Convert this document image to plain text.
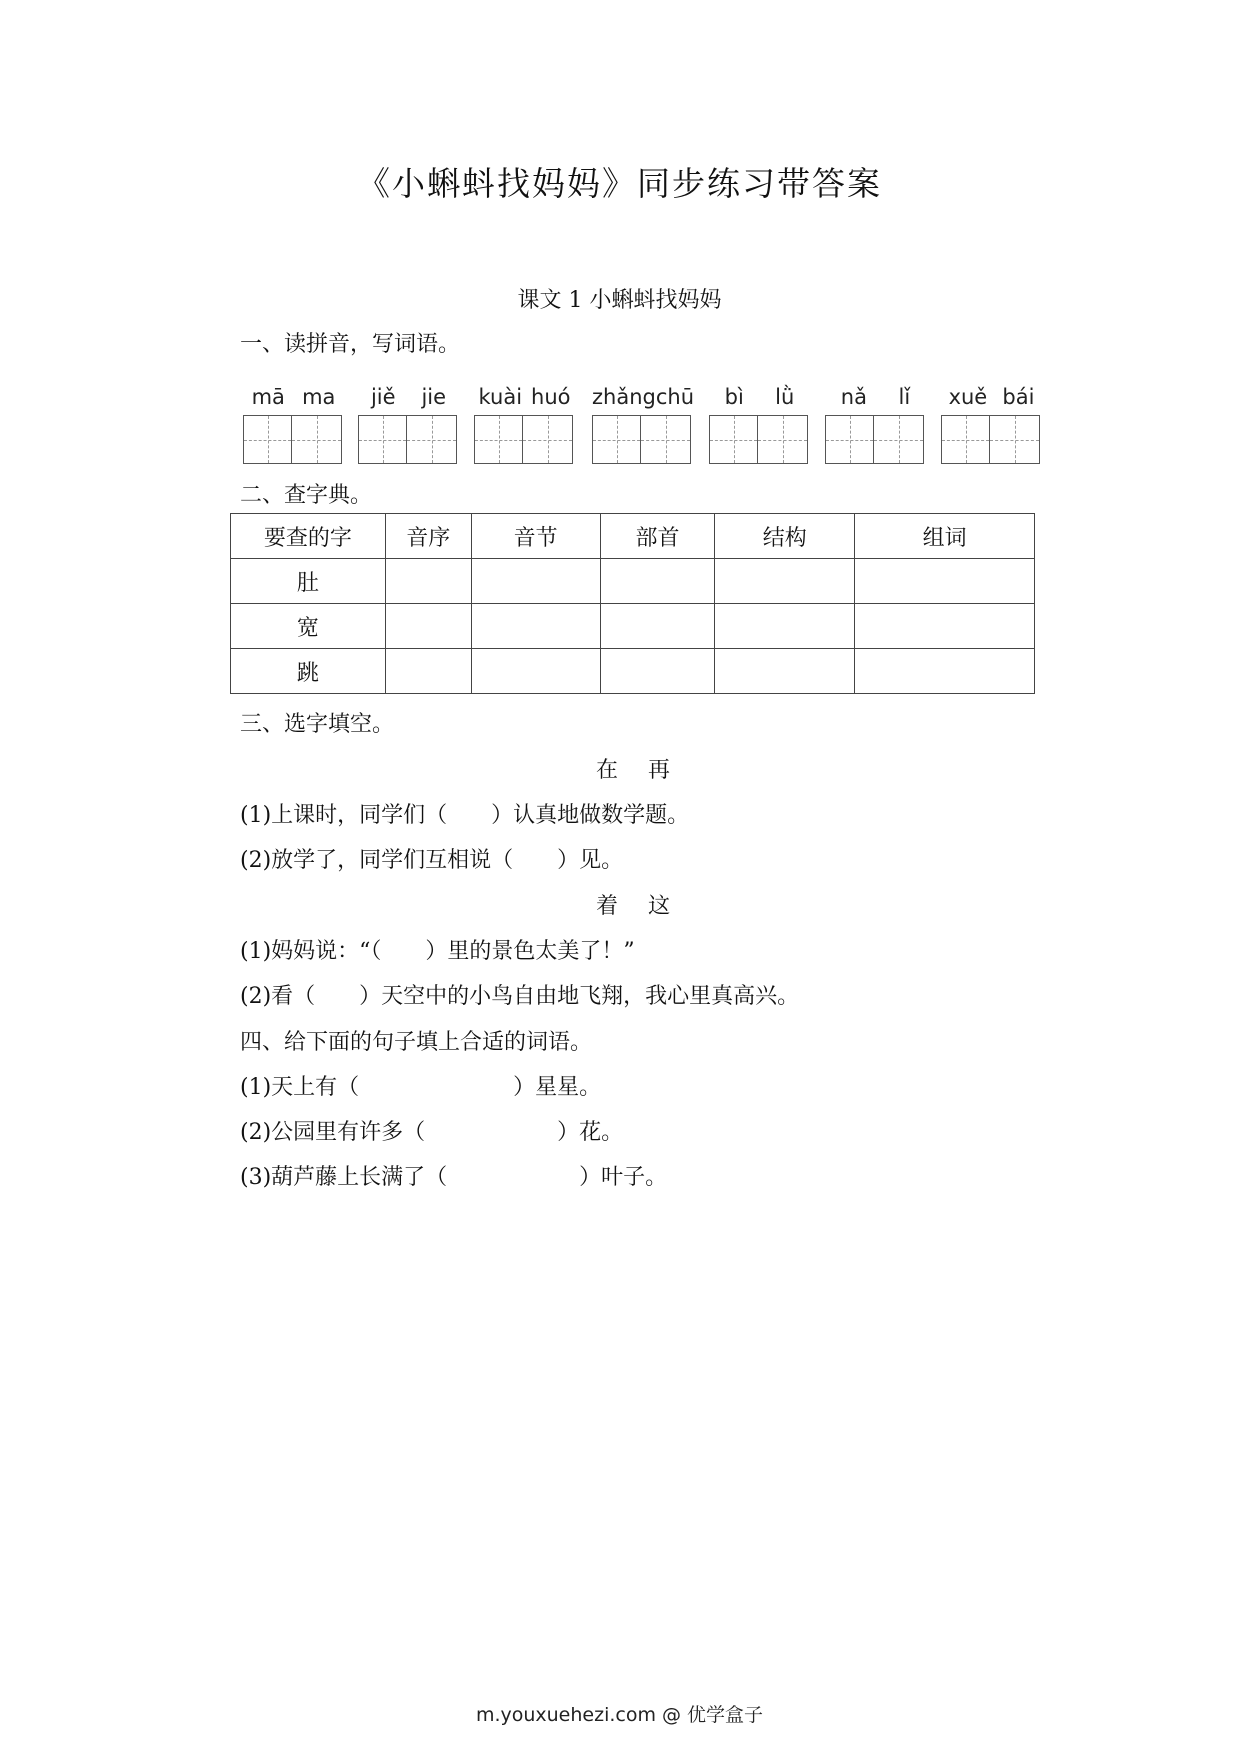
《小蝌蚪找妈妈》同步练习带答案
课文 1 小蝌蚪找妈妈
一、读拼音，写词语。
mā ma jiě jie kuài huó zhǎng chū bì lǜ nǎ lǐ xuě bái
二、查字典。
要查的字	音序	音节	部首	结构	组词
肚					
宽					
跳					
三、选字填空。
在 再
(1)上课时，同学们（　　）认真地做数学题。
(2)放学了，同学们互相说（　　）见。
着 这
(1)妈妈说：“（　　）里的景色太美了！”
(2)看（　　）天空中的小鸟自由地飞翔，我心里真高兴。
四、给下面的句子填上合适的词语。
(1)天上有（　　　　　　　）星星。
(2)公园里有许多（　　　　　　）花。
(3)葫芦藤上长满了（　　　　　　）叶子。
m.youxuehezi.com @ 优学盒子
